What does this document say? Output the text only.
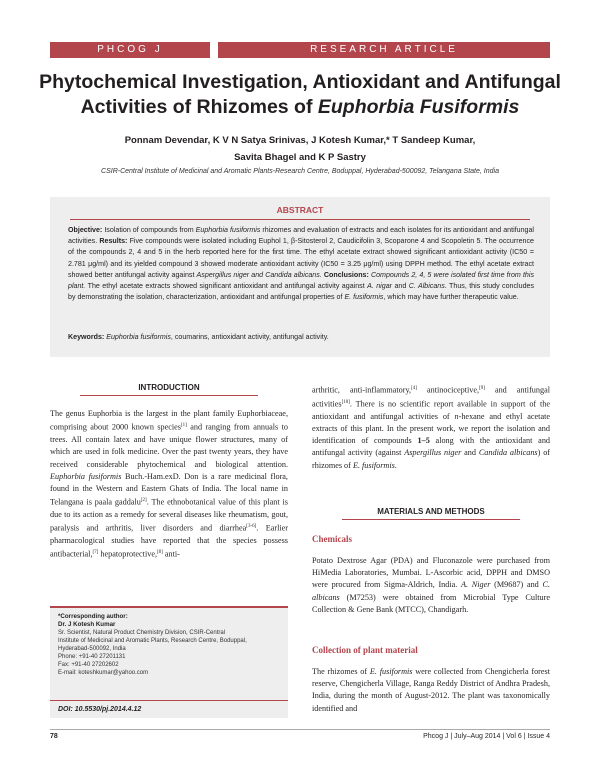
PHCOG J	RESEARCH ARTICLE
Phytochemical Investigation, Antioxidant and Antifungal
Activities of Rhizomes of Euphorbia Fusiformis
Ponnam Devendar, K V N Satya Srinivas, J Kotesh Kumar,* T Sandeep Kumar,
Savita Bhagel and K P Sastry
CSIR-Central Institute of Medicinal and Aromatic Plants-Research Centre, Boduppal, Hyderabad-500092, Telangana State, India
ABSTRACT
Objective: Isolation of compounds from Euphorbia fusiformis rhizomes and evaluation of extracts and each isolates for its antioxidant and antifungal activities. Results: Five compounds were isolated including Euphol 1, β-Sitosterol 2, Caudicifolin 3, Scoparone 4 and Scopoletin 5. The occurrence of the compounds 2, 4 and 5 in the herb reported here for the first time. The ethyl acetate extract showed significant antioxidant activity (IC50 = 2.781 μg/ml) and its yielded compound 3 showed moderate antioxidant activity (IC50 = 3.25 μg/ml) using DPPH method. The ethyl acetate extract showed better antifungal activity against Aspergillus niger and Candida albicans. Conclusions: Compounds 2, 4, 5 were isolated first time from this plant. The ethyl acetate extracts showed significant antioxidant and antifungal activity against A. nigar and C. Albicans. Thus, this study concludes by demonstrating the isolation, characterization, antioxidant and antifungal properties of E. fusiformis, which may have further therapeutic value.
Keywords: Euphorbia fusiformis, coumarins, antioxidant activity, antifungal activity.
INTRODUCTION
The genus Euphorbia is the largest in the plant family Euphorbiaceae, comprising about 2000 known species[1] and ranging from annuals to trees. All contain latex and have unique flower structures, many of which are used in folk medicine. Over the past twenty years, they have received considerable phytochemical and biological attention. Euphorbia fusiformis Buch.-Ham.exD. Don is a rare medicinal flora, found in the Western and Eastern Ghats of India. The local name in Telangana is paala gaddalu[2]. The ethnobotanical value of this plant is due to its action as a remedy for several diseases like rheumatism, gout, paralysis and arthritis, liver disorders and diarrhea[3-6]. Earlier pharmacological studies have reported that the species possess antibacterial,[7] hepatoprotective,[8] anti-
*Corresponding author:
Dr. J Kotesh Kumar
Sr. Scientist, Natural Product Chemistry Division, CSIR-Central
Institute of Medicinal and Aromatic Plants, Research Centre, Boduppal,
Hyderabad-500092, India
Phone: +91-40 27201131
Fax: +91-40 27202602
E-mail: koteshkumar@yahoo.com
DOI: 10.5530/pj.2014.4.12
arthritic, anti-inflammatory,[4] antinociceptive,[9] and antifungal activities[10]. There is no scientific report available in support of the antioxidant and antifungal activities of n-hexane and ethyl acetate extracts of this plant. In the present work, we report the isolation and identification of compounds 1–5 along with the antioxidant and antifungal activity (against Aspergillus niger and Candida albicans) of rhizomes of E. fusiformis.
MATERIALS AND METHODS
Chemicals
Potato Dextrose Agar (PDA) and Fluconazole were purchased from HiMedia Laboratories, Mumbai. L-Ascorbic acid, DPPH and DMSO were procured from Sigma-Aldrich, India. A. Niger (M9687) and C. albicans (M7253) were obtained from Microbial Type Culture Collection & Gene Bank (MTCC), Chandigarh.
Collection of plant material
The rhizomes of E. fusiformis were collected from Chengicherla forest reserve, Chengicherla Village, Ranga Reddy District of Andhra Pradesh, India, during the month of August-2012. The plant was taxonomically identified and
78	Phcog J | July–Aug 2014 | Vol 6 | Issue 4
